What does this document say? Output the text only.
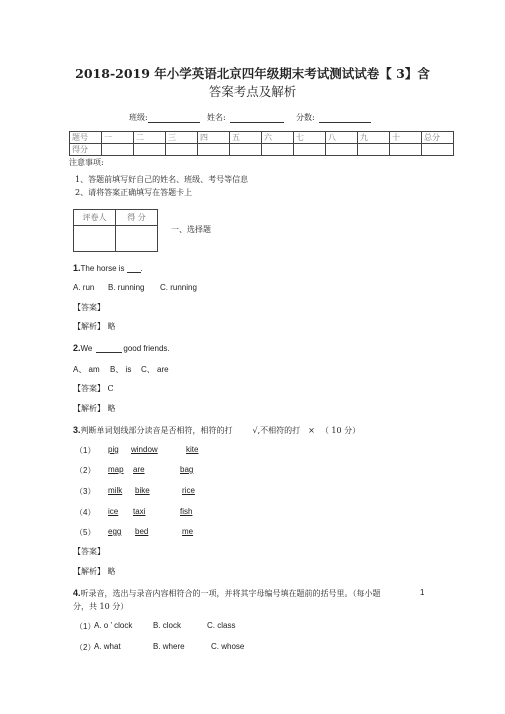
2018-2019 年小学英语北京四年级期末考试测试试卷【 3】含
答案考点及解析
班级:	姓名:	分数:
题号	一	二	三	四	五	六	七	八	九	十	总分
得分											
注意事项:
1、答题前填写好自己的姓名、班级、考号等信息
2、请将答案正确填写在答题卡上
评卷人	得 分

一、选择题
1.The horse is .
A. run B. running C. running
【答案】
【解析】 略
2.We	good friends.
A、 am B、 is C、 are
【答案】 C
【解析】 略
3.判断单词划线部分读音是否相符，相符的打	√,不相符的打 × （ 10 分）
（1） pig window	kite
（2） map are	bag
（3） milk bike	rice
（4） ice taxi	fish
（5） egg bed	me
【答案】
【解析】 略
4.听录音，选出与录音内容相符合的一项，并将其字母编号填在题前的括号里。（每小题	1
分，共 10 分）
（1）
A. o ’ clock	B. clock	C. class
（2）
A. what	B. where	C. whose
